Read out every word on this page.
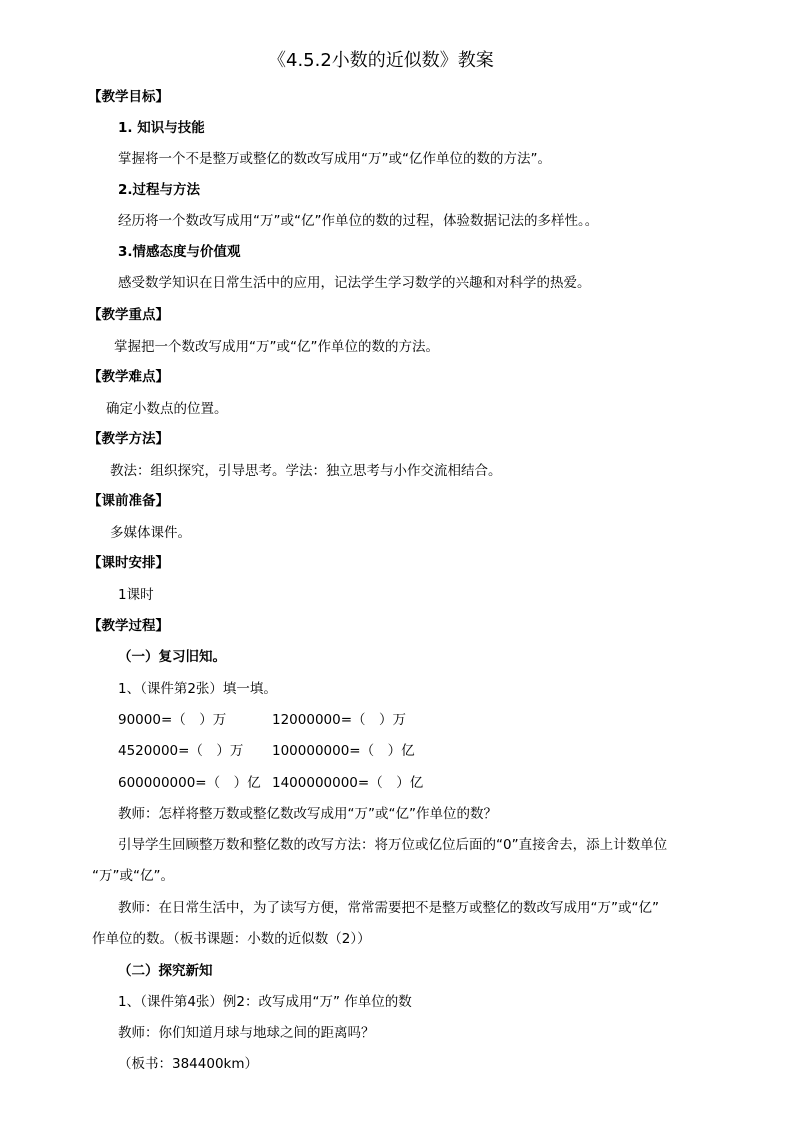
《4.5.2小数的近似数》教案
【教学目标】
1. 知识与技能
掌握将一个不是整万或整亿的数改写成用“万”或“亿作单位的数的方法”。
2.过程与方法
经历将一个数改写成用“万”或“亿”作单位的数的过程，体验数据记法的多样性。。
3.情感态度与价值观
感受数学知识在日常生活中的应用，记法学生学习数学的兴趣和对科学的热爱。
【教学重点】
掌握把一个数改写成用“万”或“亿”作单位的数的方法。
【教学难点】
确定小数点的位置。
【教学方法】
教法：组织探究，引导思考。学法：独立思考与小作交流相结合。
【课前准备】
多媒体课件。
【课时安排】
1课时
【教学过程】
（一）复习旧知。
1、（课件第2张）填一填。
90000=（　）万	12000000=（　）万
4520000=（　）万 100000000=（　）亿
600000000=（　）亿 1400000000=（　）亿
教师：怎样将整万数或整亿数改写成用“万”或“亿”作单位的数？
引导学生回顾整万数和整亿数的改写方法：将万位或亿位后面的“0”直接舍去，添上计数单位
“万”或“亿”。
教师：在日常生活中，为了读写方便，常常需要把不是整万或整亿的数改写成用“万”或“亿”
作单位的数。（板书课题：小数的近似数（2））
（二）探究新知
1、（课件第4张）例2：改写成用“万” 作单位的数
教师：你们知道月球与地球之间的距离吗？
（板书：384400km）
